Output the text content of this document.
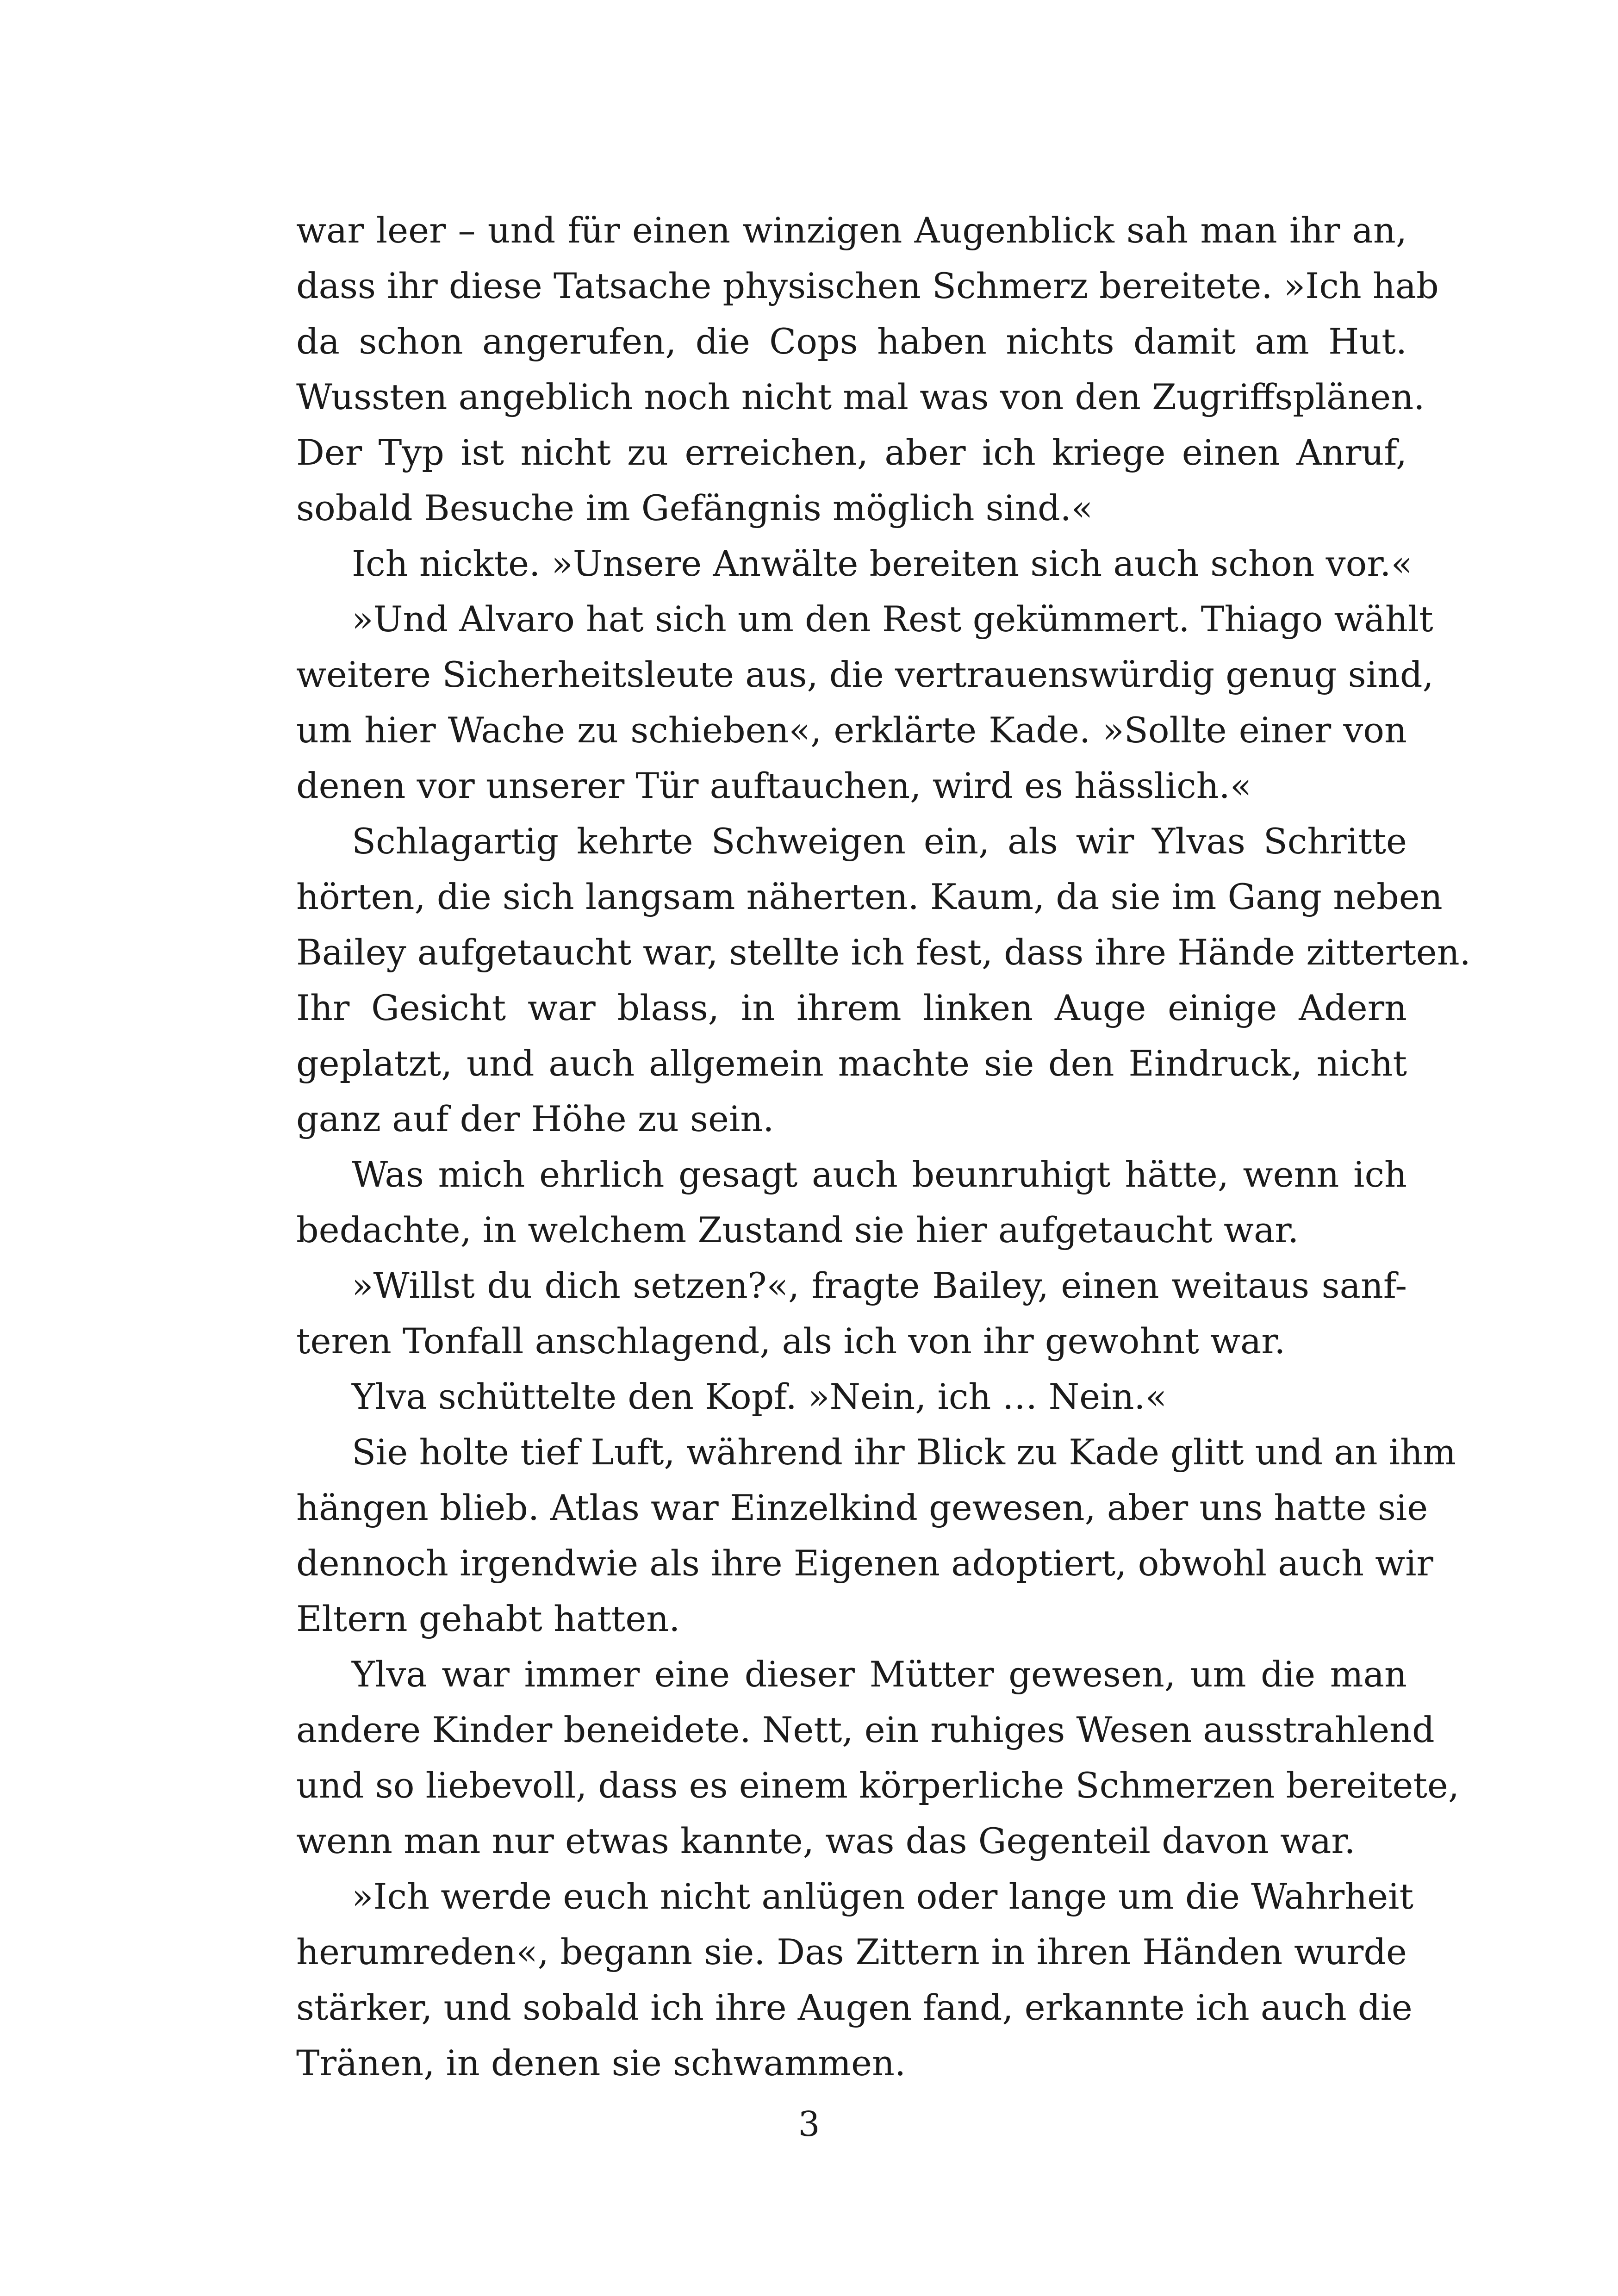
war leer – und für einen winzigen Augenblick sah man ihr an,
dass ihr diese Tatsache physischen Schmerz bereitete. »Ich hab
da schon angerufen, die Cops haben nichts damit am Hut.
Wussten angeblich noch nicht mal was von den Zugriffsplänen.
Der Typ ist nicht zu erreichen, aber ich kriege einen Anruf,
sobald Besuche im Gefängnis möglich sind.«
Ich nickte. »Unsere Anwälte bereiten sich auch schon vor.«
»Und Alvaro hat sich um den Rest gekümmert. Thiago wählt
weitere Sicherheitsleute aus, die vertrauenswürdig genug sind,
um hier Wache zu schieben«, erklärte Kade. »Sollte einer von
denen vor unserer Tür auftauchen, wird es hässlich.«
Schlagartig kehrte Schweigen ein, als wir Ylvas Schritte
hörten, die sich langsam näherten. Kaum, da sie im Gang neben
Bailey aufgetaucht war, stellte ich fest, dass ihre Hände zitterten.
Ihr Gesicht war blass, in ihrem linken Auge einige Adern
geplatzt, und auch allgemein machte sie den Eindruck, nicht
ganz auf der Höhe zu sein.
Was mich ehrlich gesagt auch beunruhigt hätte, wenn ich
bedachte, in welchem Zustand sie hier aufgetaucht war.
»Willst du dich setzen?«, fragte Bailey, einen weitaus sanf-
teren Tonfall anschlagend, als ich von ihr gewohnt war.
Ylva schüttelte den Kopf. »Nein, ich … Nein.«
Sie holte tief Luft, während ihr Blick zu Kade glitt und an ihm
hängen blieb. Atlas war Einzelkind gewesen, aber uns hatte sie
dennoch irgendwie als ihre Eigenen adoptiert, obwohl auch wir
Eltern gehabt hatten.
Ylva war immer eine dieser Mütter gewesen, um die man
andere Kinder beneidete. Nett, ein ruhiges Wesen ausstrahlend
und so liebevoll, dass es einem körperliche Schmerzen bereitete,
wenn man nur etwas kannte, was das Gegenteil davon war.
»Ich werde euch nicht anlügen oder lange um die Wahrheit
herumreden«, begann sie. Das Zittern in ihren Händen wurde
stärker, und sobald ich ihre Augen fand, erkannte ich auch die
Tränen, in denen sie schwammen.
3
